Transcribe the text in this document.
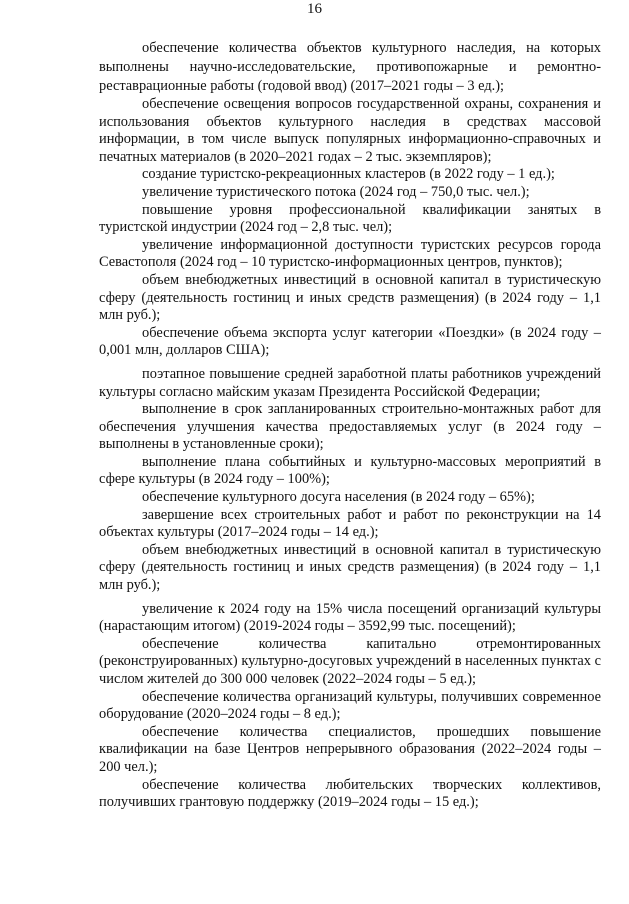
16

обеспечение количества объектов культурного наследия, на которых выполнены научно-исследовательские, противопожарные и ремонтно-реставрационные работы (годовой ввод) (2017–2021 годы – 3 ед.);

обеспечение освещения вопросов государственной охраны, сохранения и использования объектов культурного наследия в средствах массовой информации, в том числе выпуск популярных информационно-справочных и печатных материалов (в 2020–2021 годах – 2 тыс. экземпляров);

создание туристско-рекреационных кластеров (в 2022 году – 1 ед.);

увеличение туристического потока (2024 год – 750,0 тыс. чел.);

повышение уровня профессиональной квалификации занятых в туристской индустрии (2024 год – 2,8 тыс. чел);

увеличение информационной доступности туристских ресурсов города Севастополя (2024 год – 10 туристско-информационных центров, пунктов);

объем внебюджетных инвестиций в основной капитал в туристическую сферу (деятельность гостиниц и иных средств размещения) (в 2024 году – 1,1 млн руб.);

обеспечение объема экспорта услуг категории «Поездки» (в 2024 году – 0,001 млн, долларов США);

поэтапное повышение средней заработной платы работников учреждений культуры согласно майским указам Президента Российской Федерации;

выполнение в срок запланированных строительно-монтажных работ для обеспечения улучшения качества предоставляемых услуг (в 2024 году – выполнены в установленные сроки);

выполнение плана событийных и культурно-массовых мероприятий в сфере культуры (в 2024 году – 100%);

обеспечение культурного досуга населения (в 2024 году – 65%);

завершение всех строительных работ и работ по реконструкции на 14 объектах культуры (2017–2024 годы – 14 ед.);

объем внебюджетных инвестиций в основной капитал в туристическую сферу (деятельность гостиниц и иных средств размещения) (в 2024 году – 1,1 млн руб.);

увеличение к 2024 году на 15% числа посещений организаций культуры (нарастающим итогом) (2019-2024 годы – 3592,99 тыс. посещений);

обеспечение количества капитально отремонтированных (реконструированных) культурно-досуговых учреждений в населенных пунктах с числом жителей до 300 000 человек (2022–2024 годы – 5 ед.);

обеспечение количества организаций культуры, получивших современное оборудование (2020–2024 годы – 8 ед.);

обеспечение количества специалистов, прошедших повышение квалификации на базе Центров непрерывного образования (2022–2024 годы – 200 чел.);

обеспечение количества любительских творческих коллективов, получивших грантовую поддержку (2019–2024 годы – 15 ед.);
